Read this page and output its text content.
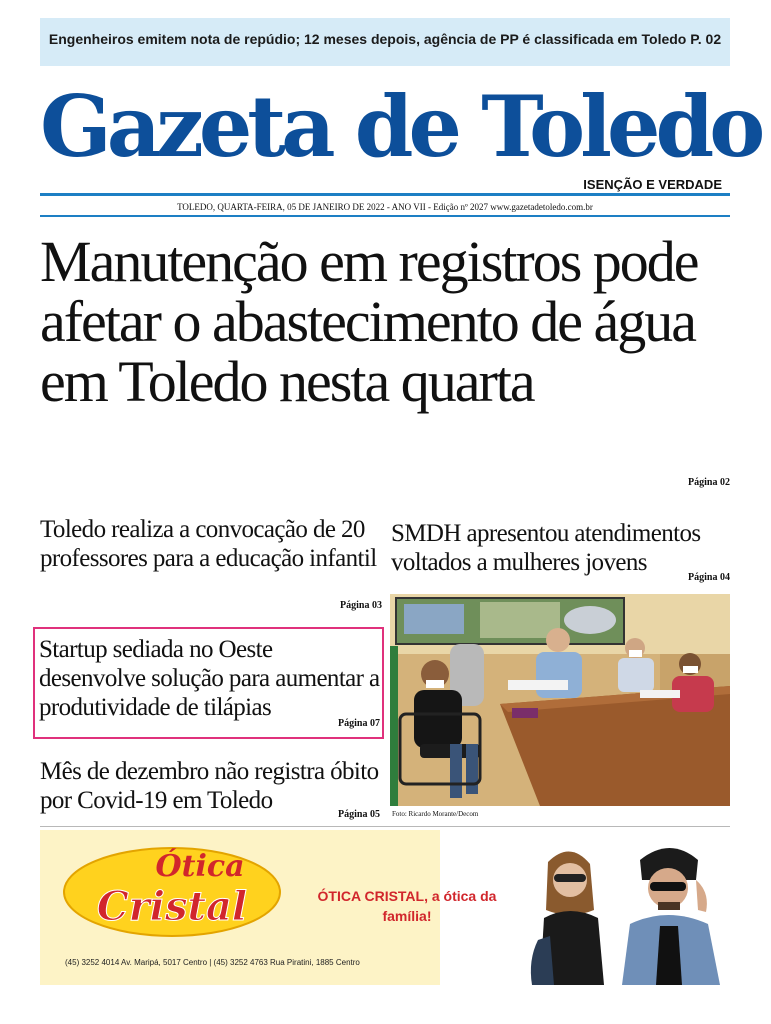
Engenheiros emitem nota de repúdio; 12 meses depois, agência de PP é classificada em Toledo P. 02
Gazeta de Toledo
ISENÇÃO E VERDADE
TOLEDO, QUARTA-FEIRA, 05 DE JANEIRO DE 2022 - ANO VII - Edição nº 2027 www.gazetadetoledo.com.br
Manutenção em registros pode afetar o abastecimento de água em Toledo nesta quarta
Página 02
Toledo realiza a convocação de 20 professores para a educação infantil
Página 03
SMDH apresentou atendimentos voltados a mulheres jovens
Página 04
Foto: Ricardo Morante/Decom
Startup sediada no Oeste desenvolve solução para aumentar a produtividade de tilápias
Página 07
Mês de dezembro não registra óbito por Covid-19 em Toledo
Página 05
Ótica
Cristal	ÓTICA CRISTAL, a ótica da família!
(45) 3252 4014 Av. Maripá, 5017 Centro | (45) 3252 4763 Rua Piratini, 1885 Centro
